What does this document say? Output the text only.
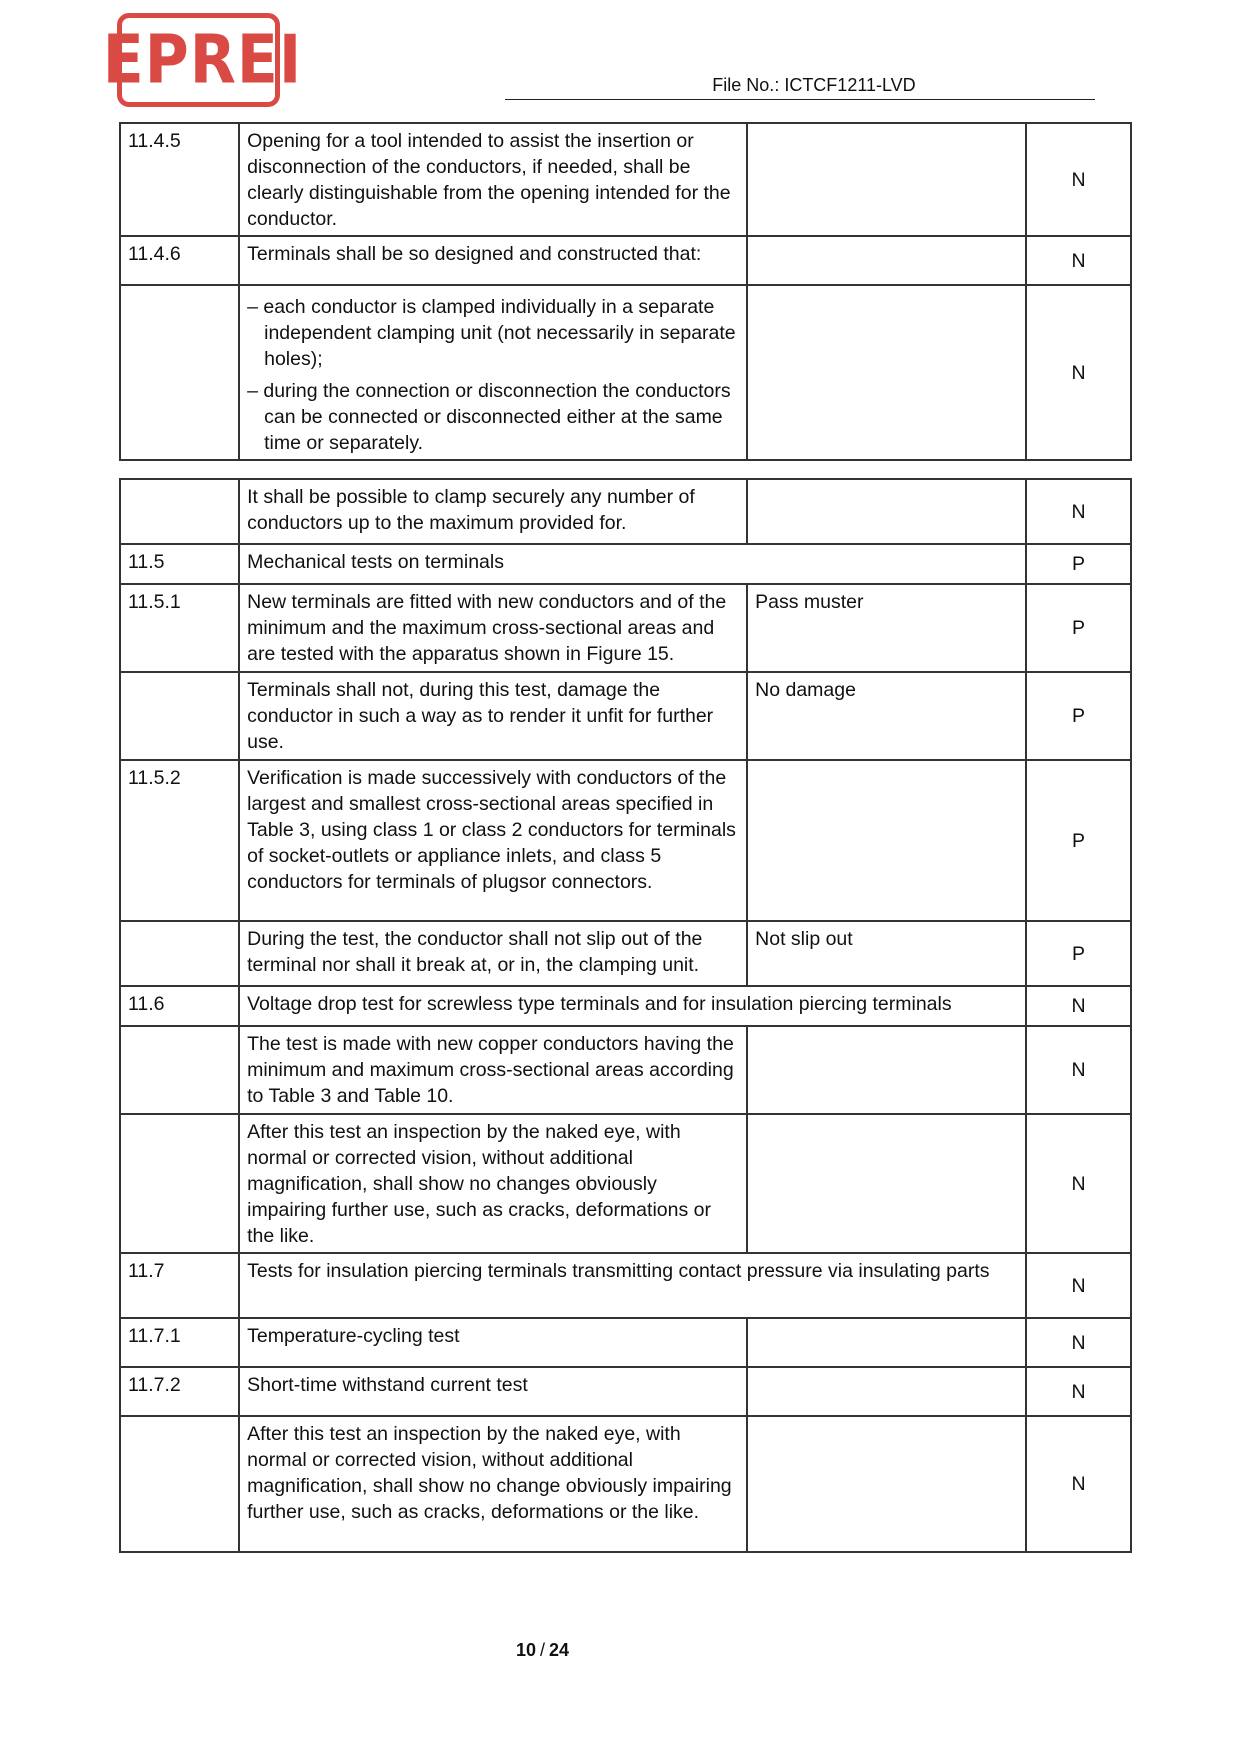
EPREI	File No.: ICTCF1211-LVD
11.4.5	Opening for a tool intended to assist the insertion or disconnection of the conductors, if needed, shall be clearly distinguishable from the opening intended for the conductor.		N
11.4.6	Terminals shall be so designed and constructed that:		N

	– each conductor is clamped individually in a separate independent clamping unit (not necessarily in separate holes);
– during the connection or disconnection the conductors can be connected or disconnected either at the same time or separately.		N
	It shall be possible to clamp securely any number of conductors up to the maximum provided for.		N
11.5	Mechanical tests on terminals		P
11.5.1	New terminals are fitted with new conductors and of the minimum and the maximum cross-sectional areas and are tested with the apparatus shown in Figure 15.	Pass muster	P
	Terminals shall not, during this test, damage the conductor in such a way as to render it unfit for further use.	No damage	P
11.5.2	Verification is made successively with conductors of the largest and smallest cross-sectional areas specified in Table 3, using class 1 or class 2 conductors for terminals of socket-outlets or appliance inlets, and class 5 conductors for terminals of plugsor connectors.		P
	During the test, the conductor shall not slip out of the terminal nor shall it break at, or in, the clamping unit.	Not slip out	P
11.6	Voltage drop test for screwless type terminals and for insulation piercing terminals		N
	The test is made with new copper conductors having the minimum and maximum cross-sectional areas according to Table 3 and Table 10.		N
	After this test an inspection by the naked eye, with normal or corrected vision, without additional magnification, shall show no changes obviously impairing further use, such as cracks, deformations or the like.		N
11.7	Tests for insulation piercing terminals transmitting contact pressure via insulating parts		N
11.7.1	Temperature-cycling test		N
11.7.2	Short-time withstand current test		N
	After this test an inspection by the naked eye, with normal or corrected vision, without additional magnification, shall show no change obviously impairing further use, such as cracks, deformations or the like.		N
10 / 24
